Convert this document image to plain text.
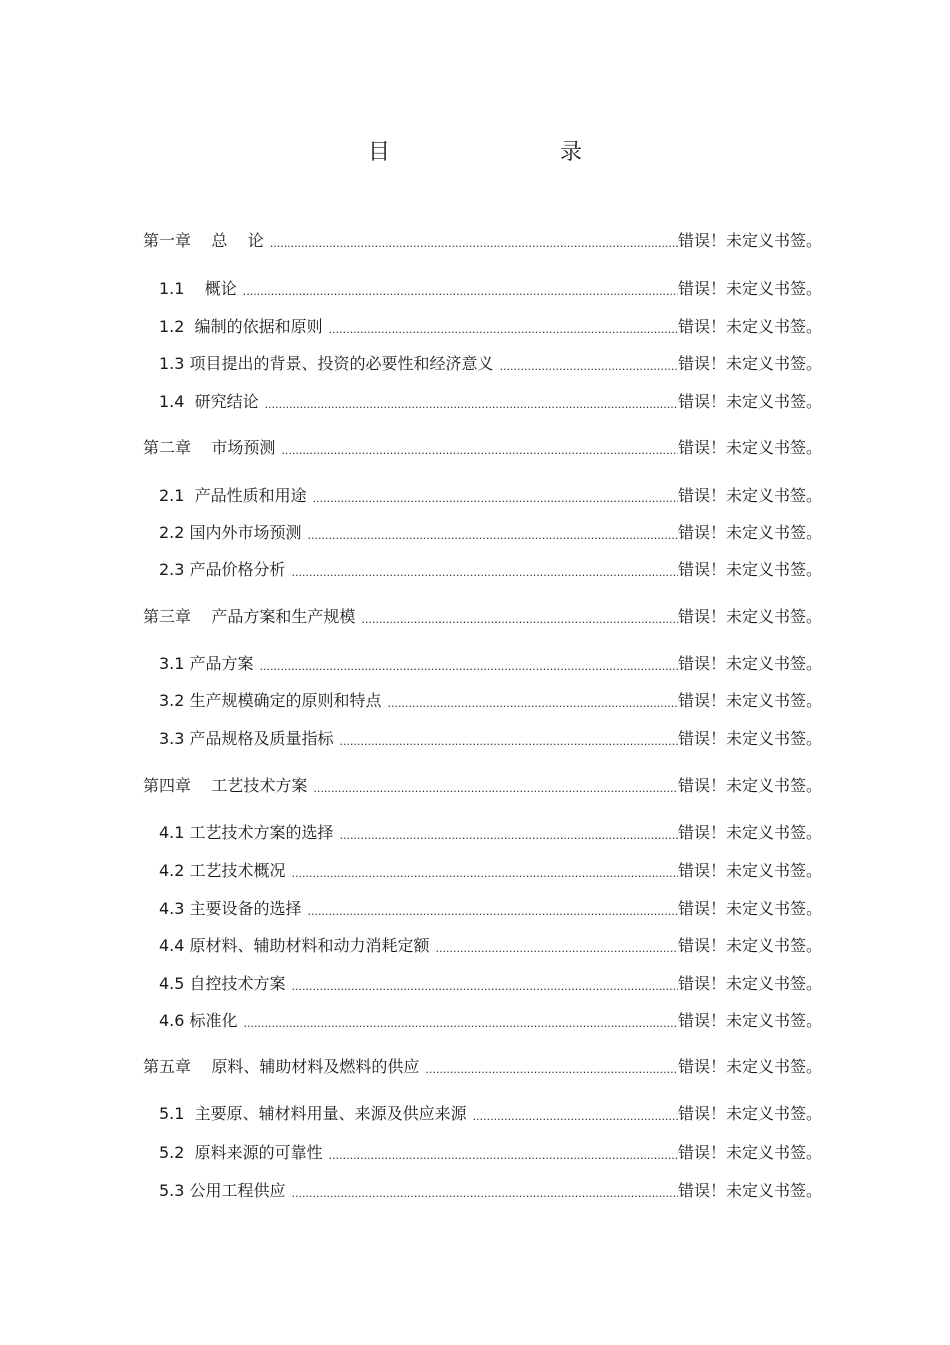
目	录
第一章    总    论 .....	错误！未定义书签。
1.1    概论 .....	错误！未定义书签。
1.2  编制的依据和原则 .....	错误！未定义书签。
1.3 项目提出的背景、投资的必要性和经济意义 .....	错误！未定义书签。
1.4  研究结论 .....	错误！未定义书签。
第二章    市场预测 .....	错误！未定义书签。
2.1  产品性质和用途 .....	错误！未定义书签。
2.2 国内外市场预测 .....	错误！未定义书签。
2.3 产品价格分析 .....	错误！未定义书签。
第三章    产品方案和生产规模 .....	错误！未定义书签。
3.1 产品方案 .....	错误！未定义书签。
3.2 生产规模确定的原则和特点 .....	错误！未定义书签。
3.3 产品规格及质量指标 .....	错误！未定义书签。
第四章    工艺技术方案 .....	错误！未定义书签。
4.1 工艺技术方案的选择 .....	错误！未定义书签。
4.2 工艺技术概况 .....	错误！未定义书签。
4.3 主要设备的选择 .....	错误！未定义书签。
4.4 原材料、辅助材料和动力消耗定额 .....	错误！未定义书签。
4.5 自控技术方案 .....	错误！未定义书签。
4.6 标准化 .....	错误！未定义书签。
第五章    原料、辅助材料及燃料的供应 .....	错误！未定义书签。
5.1  主要原、辅材料用量、来源及供应来源 .....	错误！未定义书签。
5.2  原料来源的可靠性 .....	错误！未定义书签。
5.3 公用工程供应 .....	错误！未定义书签。
